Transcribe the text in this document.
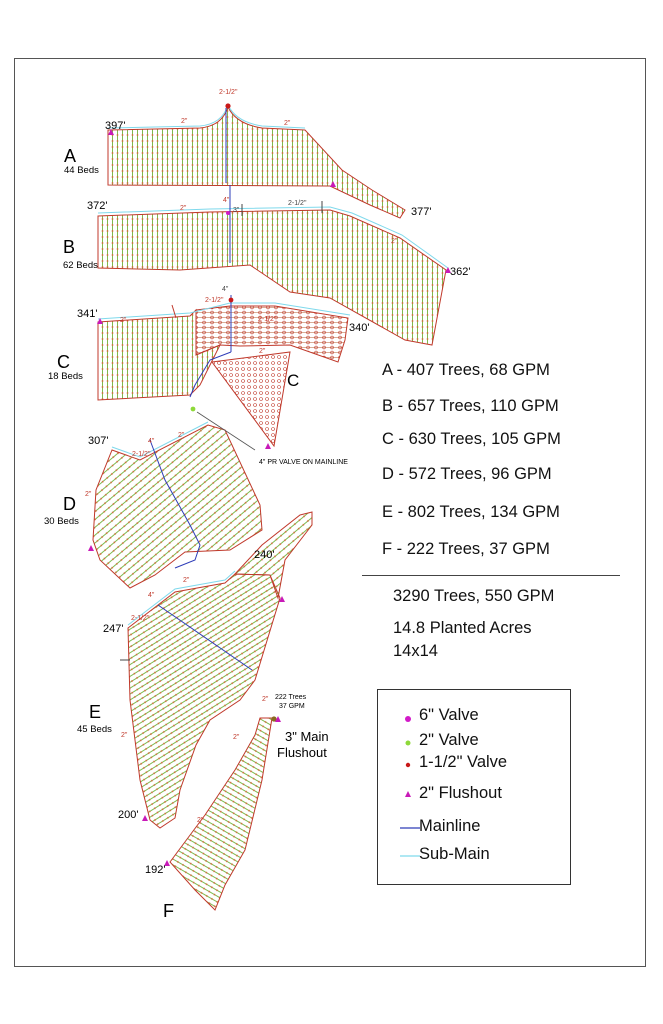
A
44 Beds
B
62 Beds
C
18 Beds
D
30 Beds
E
45 Beds
F
C
397'
377'
372'
362'
341'
340'
307'
240'
247'
200'
192'
2-1/2"
2"	2"
2"
4"
3"
2-1/2"
2"
2"
4"
2-1/2"
2-1/2"
2"
4"
2-1/2"
2"
2"
4"
2-1/2"
2"
2"
2"
2"
2"
4" PR VALVE ON MAINLINE
222 Trees
37 GPM
3" Main
Flushout
A - 407 Trees, 68 GPM
B - 657 Trees, 110 GPM
C - 630 Trees, 105 GPM
D - 572 Trees, 96 GPM
E - 802 Trees, 134 GPM
F - 222 Trees, 37 GPM
3290 Trees, 550 GPM
14.8 Planted Acres
14x14
6" Valve
2" Valve
1-1/2" Valve
2" Flushout
Mainline
Sub-Main
